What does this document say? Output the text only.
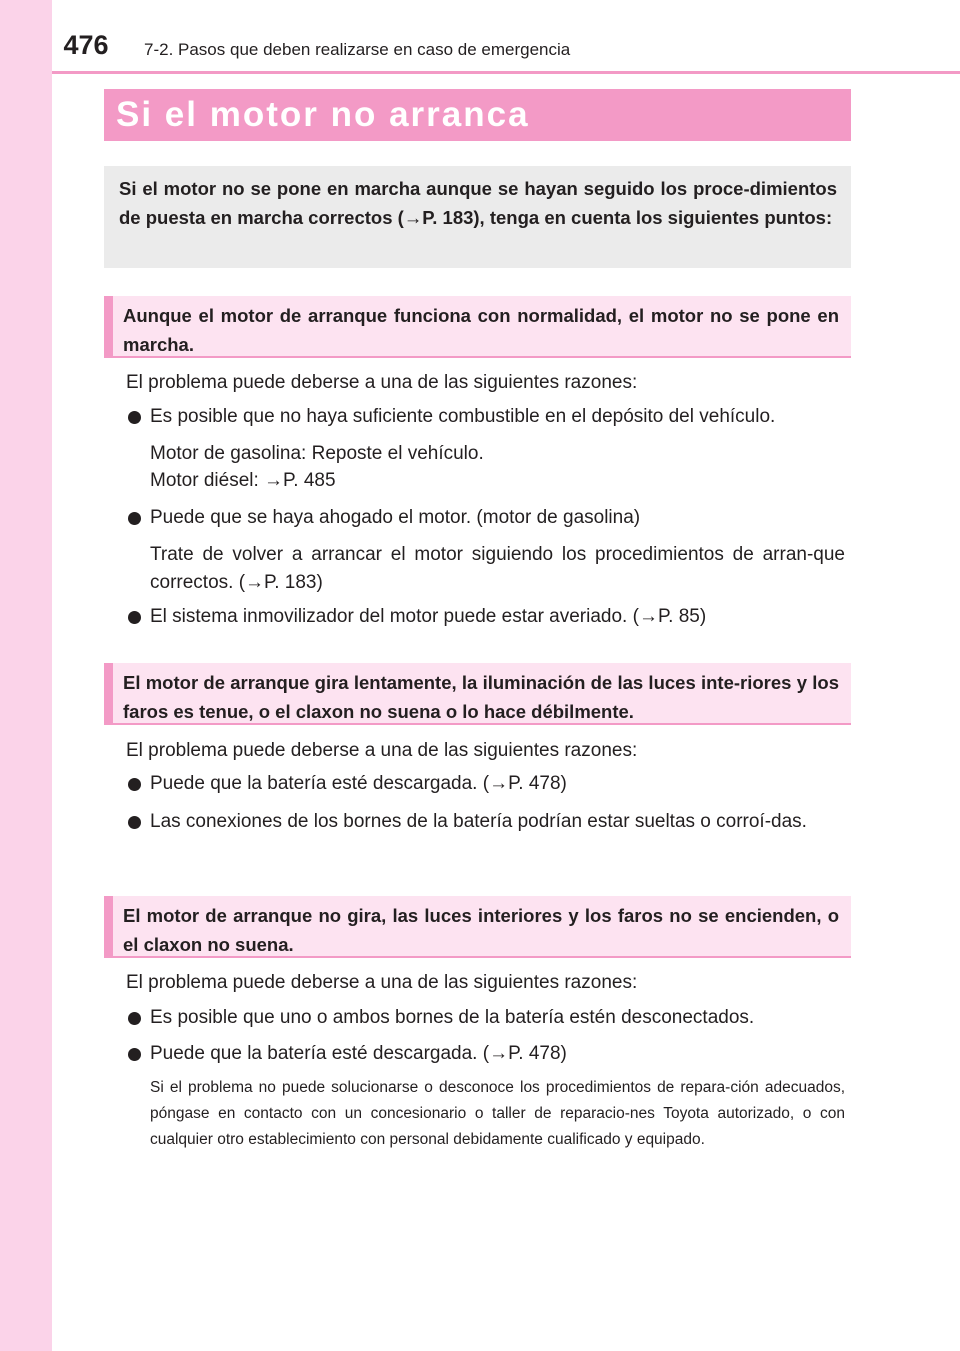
476	7-2. Pasos que deben realizarse en caso de emergencia
Si el motor no arranca
Si el motor no se pone en marcha aunque se hayan seguido los proce-dimientos de puesta en marcha correctos (→P. 183), tenga en cuenta los siguientes puntos:
Aunque el motor de arranque funciona con normalidad, el motor no se pone en marcha.
El problema puede deberse a una de las siguientes razones:
Es posible que no haya suficiente combustible en el depósito del vehículo.
Motor de gasolina: Reposte el vehículo.
Motor diésel: →P. 485
Puede que se haya ahogado el motor. (motor de gasolina)
Trate de volver a arrancar el motor siguiendo los procedimientos de arran-que correctos. (→P. 183)
El sistema inmovilizador del motor puede estar averiado. (→P. 85)
El motor de arranque gira lentamente, la iluminación de las luces inte-riores y los faros es tenue, o el claxon no suena o lo hace débilmente.
El problema puede deberse a una de las siguientes razones:
Puede que la batería esté descargada. (→P. 478)
Las conexiones de los bornes de la batería podrían estar sueltas o corroí-das.
El motor de arranque no gira, las luces interiores y los faros no se encienden, o el claxon no suena.
El problema puede deberse a una de las siguientes razones:
Es posible que uno o ambos bornes de la batería estén desconectados.
Puede que la batería esté descargada. (→P. 478)
Si el problema no puede solucionarse o desconoce los procedimientos de repara-ción adecuados, póngase en contacto con un concesionario o taller de reparacio-nes Toyota autorizado, o con cualquier otro establecimiento con personal debidamente cualificado y equipado.
